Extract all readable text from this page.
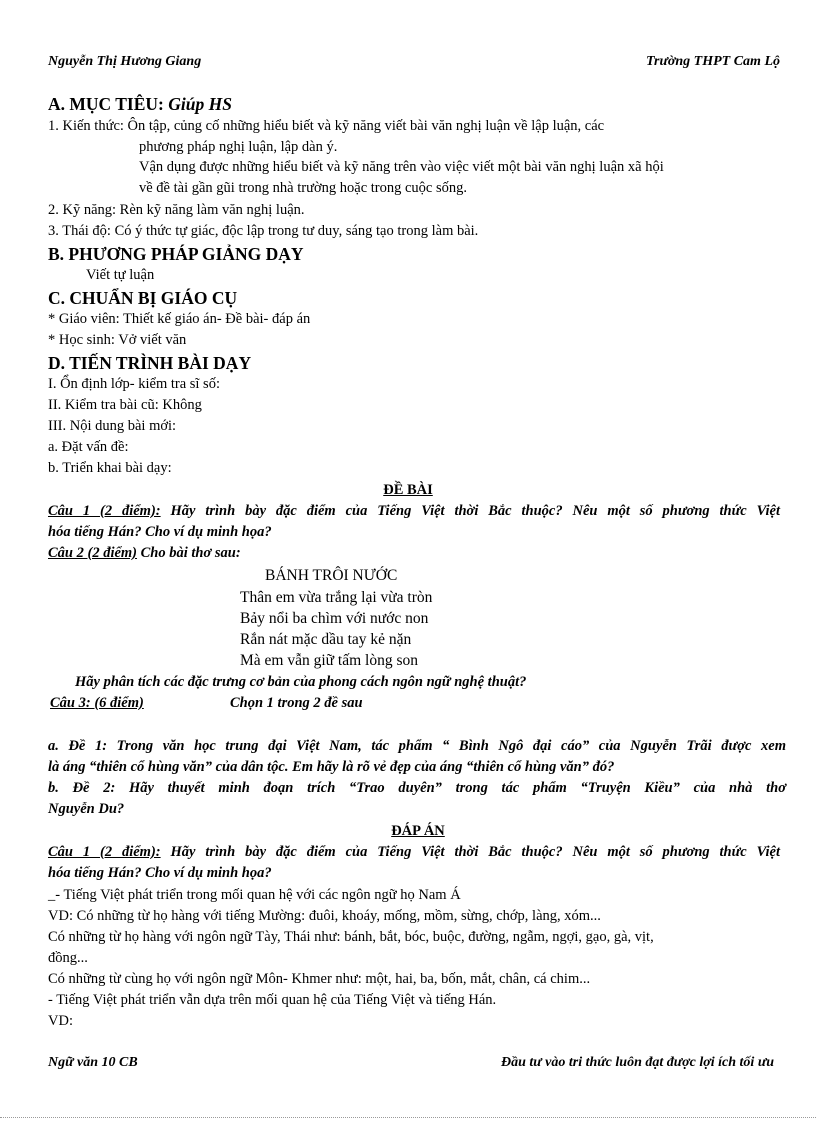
Nguyễn Thị Hương Giang	Trường THPT Cam Lộ
A. MỤC TIÊU: Giúp HS
1. Kiến thức: Ôn tập, củng cố những hiểu biết và kỹ năng viết bài văn nghị luận về lập luận, các
phương pháp nghị luận, lập dàn ý.
Vận dụng được những hiểu biết và kỹ năng trên vào việc viết một bài văn nghị luận xã hội
về đề tài gần gũi trong nhà trường hoặc trong cuộc sống.
2. Kỹ năng: Rèn kỹ năng làm văn nghị luận.
3. Thái độ: Có ý thức tự giác, độc lập trong tư duy, sáng tạo trong làm bài.
B. PHƯƠNG PHÁP GIẢNG DẠY
Viết tự luận
C. CHUẨN BỊ GIÁO CỤ
* Giáo viên: Thiết kế giáo án- Đề bài- đáp án
* Học sinh: Vở viết văn
D. TIẾN TRÌNH BÀI DẠY
I. Ổn định lớp- kiểm tra sĩ số:
II. Kiểm tra bài cũ: Không
III. Nội dung bài mới:
a. Đặt vấn đề:
b. Triển khai bài dạy:
ĐỀ BÀI
Câu 1 (2 điểm): Hãy trình bày đặc điểm của Tiếng Việt thời Bắc thuộc? Nêu một số phương thức Việt
hóa tiếng Hán? Cho ví dụ minh họa?
Câu 2 (2 điểm) Cho bài thơ sau:
BÁNH TRÔI NƯỚC
Thân em vừa trắng lại vừa tròn
Bảy nổi ba chìm với nước non
Rắn nát mặc dầu tay kẻ nặn
Mà em vẫn giữ tấm lòng son
Hãy phân tích các đặc trưng cơ bản của phong cách ngôn ngữ nghệ thuật?
Câu 3: (6 điểm)	Chọn 1 trong 2 đề sau
a. Đề 1: Trong văn học trung đại Việt Nam, tác phẩm “ Bình Ngô đại cáo” của Nguyễn Trãi được xem
là áng “thiên cổ hùng văn” của dân tộc. Em hãy là rõ vẻ đẹp của áng “thiên cổ hùng văn” đó?
b. Đề 2: Hãy thuyết minh đoạn trích “Trao duyên” trong tác phẩm “Truyện Kiều” của nhà thơ
Nguyễn Du?
ĐÁP ÁN
Câu 1 (2 điểm): Hãy trình bày đặc điểm của Tiếng Việt thời Bắc thuộc? Nêu một số phương thức Việt
hóa tiếng Hán? Cho ví dụ minh họa?
_- Tiếng Việt phát triển trong mối quan hệ với các ngôn ngữ họ Nam Á
VD: Có những từ họ hàng với tiếng Mường: đuôi, khoáy, mống, mồm, sừng, chớp, làng, xóm...
Có những từ họ hàng với ngôn ngữ Tày, Thái như: bánh, bắt, bóc, buộc, đường, ngẫm, ngợi, gạo, gà, vịt,
đồng...
Có những từ cùng họ với ngôn ngữ Môn- Khmer như: một, hai, ba, bốn, mắt, chân, cá chim...
- Tiếng Việt phát triển vẫn dựa trên mối quan hệ của Tiếng Việt và tiếng Hán.
VD:
Ngữ văn 10 CB	Đầu tư vào tri thức luôn đạt được lợi ích tối ưu
